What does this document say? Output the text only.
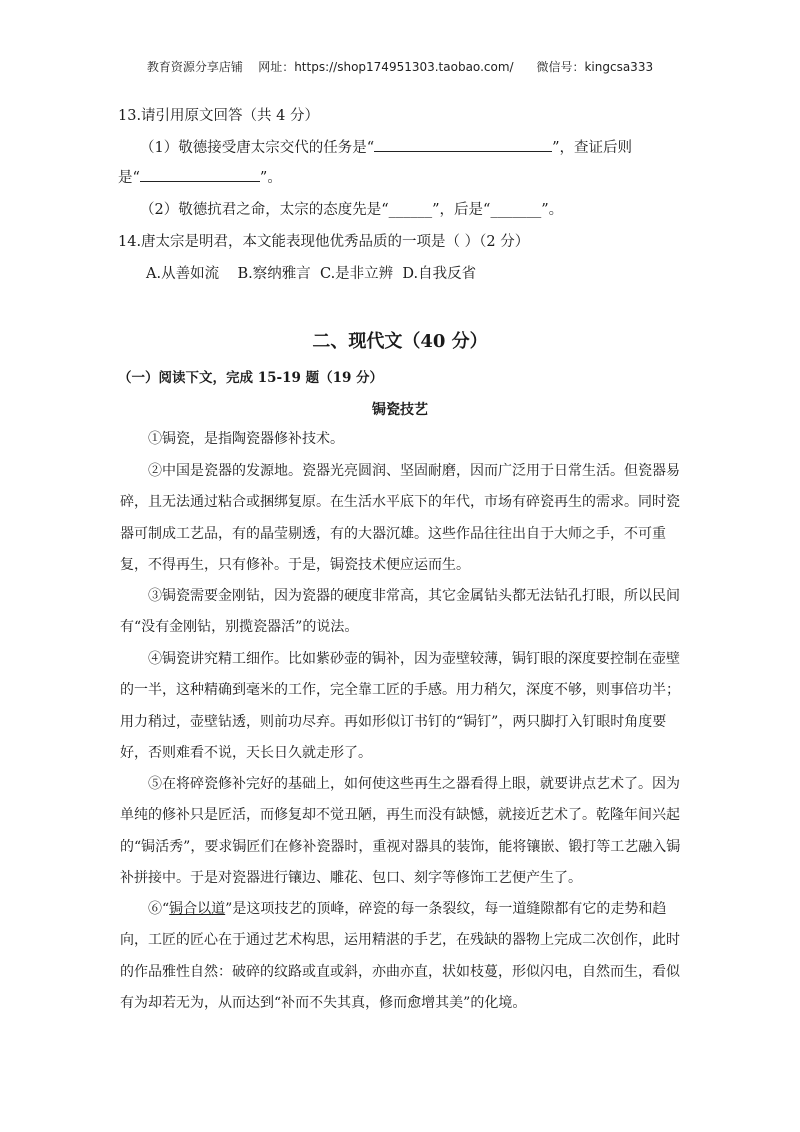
教育资源分享店铺 网址：https://shop174951303.taobao.com/ 微信号：kingcsa333
13.请引用原文回答（共 4 分）
（1）敬德接受唐太宗交代的任务是“	”，查证后则
是“	”。
（2）敬德抗君之命，太宗的态度先是“______”，后是“_______”。
14.唐太宗是明君，本文能表现他优秀品质的一项是（ ）（2 分）
A.从善如流    B.察纳雅言  C.是非立辨  D.自我反省
二、现代文（40 分）
（一）阅读下文，完成 15-19 题（19 分）
锔瓷技艺
①锔瓷，是指陶瓷器修补技术。
②中国是瓷器的发源地。瓷器光亮圆润、坚固耐磨，因而广泛用于日常生活。但瓷器易碎，且无法通过粘合或捆绑复原。在生活水平底下的年代，市场有碎瓷再生的需求。同时瓷器可制成工艺品，有的晶莹剔透，有的大器沉雄。这些作品往往出自于大师之手，不可重复，不得再生，只有修补。于是，锔瓷技术便应运而生。
③锔瓷需要金刚钻，因为瓷器的硬度非常高，其它金属钻头都无法钻孔打眼，所以民间有“没有金刚钻，别揽瓷器活”的说法。
④锔瓷讲究精工细作。比如紫砂壶的锔补，因为壶壁较薄，锔钉眼的深度要控制在壶壁的一半，这种精确到毫米的工作，完全靠工匠的手感。用力稍欠，深度不够，则事倍功半；用力稍过，壶壁钻透，则前功尽弃。再如形似订书钉的“锔钉”，两只脚打入钉眼时角度要好，否则难看不说，天长日久就走形了。
⑤在将碎瓷修补完好的基础上，如何使这些再生之器看得上眼，就要讲点艺术了。因为单纯的修补只是匠活，而修复却不觉丑陋，再生而没有缺憾，就接近艺术了。乾隆年间兴起的“锔活秀”，要求锔匠们在修补瓷器时，重视对器具的装饰，能将镶嵌、锻打等工艺融入锔补拼接中。于是对瓷器进行镶边、雕花、包口、刻字等修饰工艺便产生了。
⑥“锔合以道”是这项技艺的顶峰，碎瓷的每一条裂纹，每一道缝隙都有它的走势和趋向，工匠的匠心在于通过艺术构思，运用精湛的手艺，在残缺的器物上完成二次创作，此时的作品雅性自然：破碎的纹路或直或斜，亦曲亦直，状如枝蔓，形似闪电，自然而生，看似有为却若无为，从而达到“补而不失其真，修而愈增其美”的化境。
